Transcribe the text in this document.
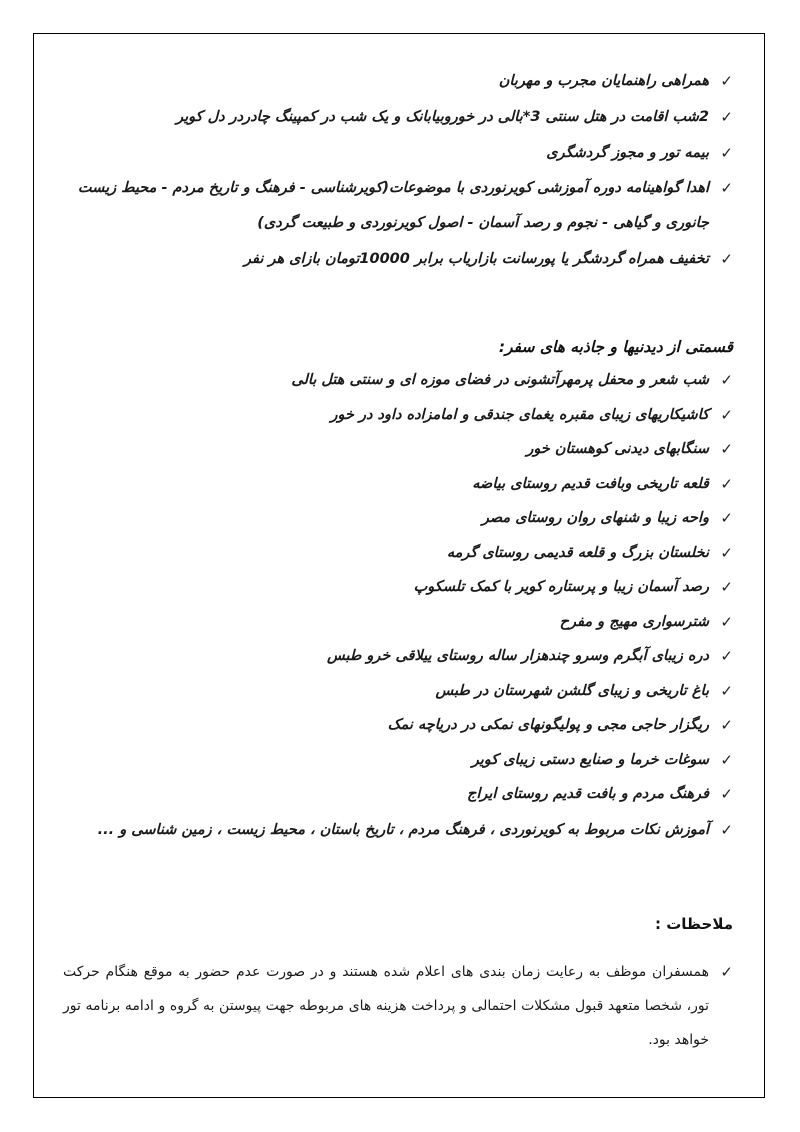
✓
همراهی راهنمایان مجرب و مهربان
✓
2شب اقامت در هتل سنتی 3*بالی در خوروبیابانک و یک شب در کمپینگ چادردر دل کویر
✓
بیمه تور و مجوز گردشگری
✓
اهدا گواهینامه دوره آموزشی کویرنوردی با موضوعات(کویرشناسی - فرهنگ و تاریخ مردم - محیط زیست جانوری و گیاهی - نجوم و رصد آسمان - اصول کویرنوردی و طبیعت گردی)
✓
تخفیف همراه گردشگر یا پورسانت بازاریاب برابر 10000تومان بازای هر نفر
قسمتی از دیدنیها و جاذبه های سفر:
✓
شب شعر و محفل پرمهرآتشونی در فضای موزه ای و سنتی هتل بالی
✓
کاشیکاریهای زیبای مقبره یغمای جندقی و امامزاده داود در خور
✓
سنگابهای دیدنی کوهستان خور
✓
قلعه تاریخی وبافت قدیم روستای بیاضه
✓
واحه زیبا و شنهای روان روستای مصر
✓
نخلستان بزرگ و قلعه قدیمی روستای گرمه
✓
رصد آسمان زیبا و پرستاره کویر با کمک تلسکوپ
✓
شترسواری مهیج و مفرح
✓
دره زیبای آبگرم وسرو چندهزار ساله روستای ییلاقی خرو طبس
✓
باغ تاریخی و زیبای گلشن شهرستان در طبس
✓
ریگزار حاجی مجی و پولیگونهای نمکی در دریاچه نمک
✓
سوغات خرما و صنایع دستی زیبای کویر
✓
فرهنگ مردم و بافت قدیم روستای ایراج
✓
آموزش نکات مربوط به کویرنوردی ، فرهنگ مردم ، تاریخ باستان ، محیط زیست ، زمین شناسی و ...
ملاحظات :
✓
همسفران موظف به رعایت زمان بندی های اعلام شده هستند و در صورت عدم حضور به موقع هنگام حرکت تور، شخصا متعهد قبول مشکلات احتمالی و پرداخت هزینه های مربوطه جهت پیوستن به گروه و ادامه برنامه تور خواهد بود.
